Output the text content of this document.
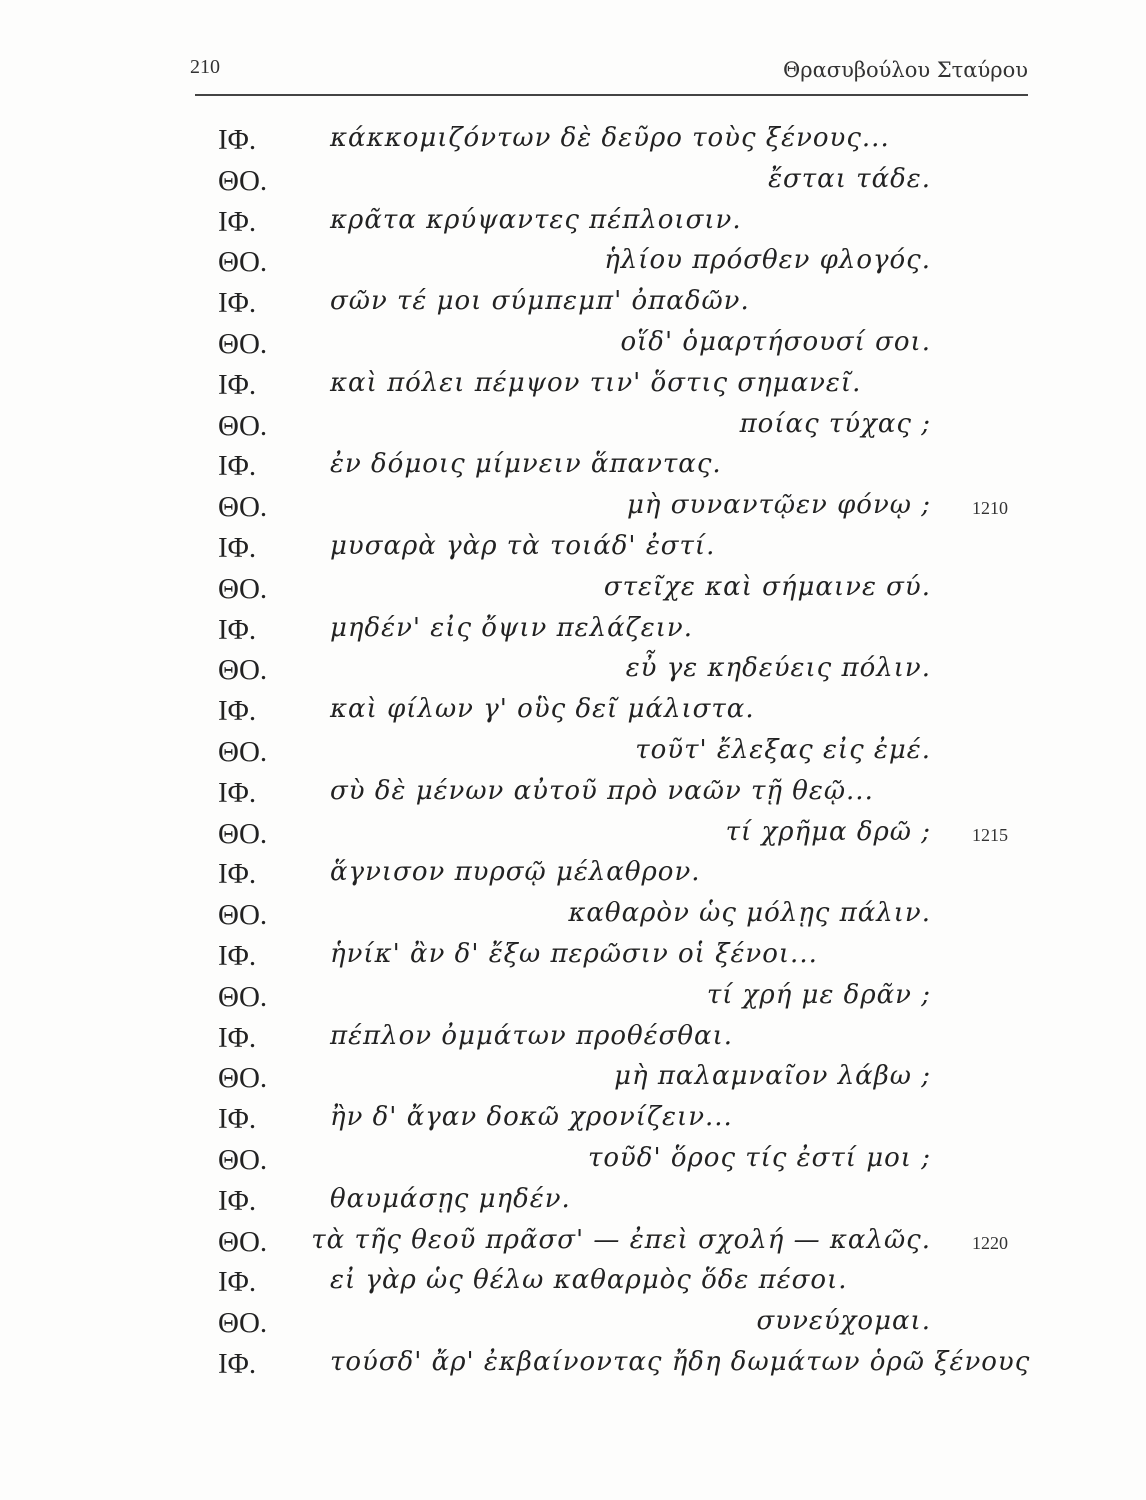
210	Θρασυβούλου Σταύρου
ΙΦ.	κάκκομιζόντων δὲ δεῦρο τοὺς ξένους...
ΘΟ.	ἔσται τάδε.
ΙΦ.	κρᾶτα κρύψαντες πέπλοισιν.
ΘΟ.	ἡλίου πρόσθεν φλογός.
ΙΦ.	σῶν τέ μοι σύμπεμπ' ὀπαδῶν.
ΘΟ.	οἵδ' ὁμαρτήσουσί σοι.
ΙΦ.	καὶ πόλει πέμψον τιν' ὅστις σημανεῖ.
ΘΟ.	ποίας τύχας ;
ΙΦ.	ἐν δόμοις μίμνειν ἅπαντας.
ΘΟ.	μὴ συναντῷεν φόνῳ ; 1210
ΙΦ.	μυσαρὰ γὰρ τὰ τοιάδ' ἐστί.
ΘΟ.	στεῖχε καὶ σήμαινε σύ.
ΙΦ.	μηδέν' εἰς ὄψιν πελάζειν.
ΘΟ.	εὖ γε κηδεύεις πόλιν.
ΙΦ.	καὶ φίλων γ' οὓς δεῖ μάλιστα.
ΘΟ.	τοῦτ' ἔλεξας εἰς ἐμέ.
ΙΦ.	σὺ δὲ μένων αὐτοῦ πρὸ ναῶν τῇ θεῷ...
ΘΟ.	τί χρῆμα δρῶ ; 1215
ΙΦ.	ἅγνισον πυρσῷ μέλαθρον.
ΘΟ.	καθαρὸν ὡς μόλῃς πάλιν.
ΙΦ.	ἡνίκ' ἂν δ' ἔξω περῶσιν οἱ ξένοι...
ΘΟ.	τί χρή με δρᾶν ;
ΙΦ.	πέπλον ὀμμάτων προθέσθαι.
ΘΟ.	μὴ παλαμναῖον λάβω ;
ΙΦ.	ἢν δ' ἄγαν δοκῶ χρονίζειν...
ΘΟ.	τοῦδ' ὅρος τίς ἐστί μοι ;
ΙΦ.	θαυμάσῃς μηδέν.
ΘΟ. τὰ τῆς θεοῦ πρᾶσσ' — ἐπεὶ σχολή — καλῶς. 1220
ΙΦ.	εἰ γὰρ ὡς θέλω καθαρμὸς ὅδε πέσοι.
ΘΟ.	συνεύχομαι.
ΙΦ.	τούσδ' ἄρ' ἐκβαίνοντας ἤδη δωμάτων ὁρῶ ξένους
